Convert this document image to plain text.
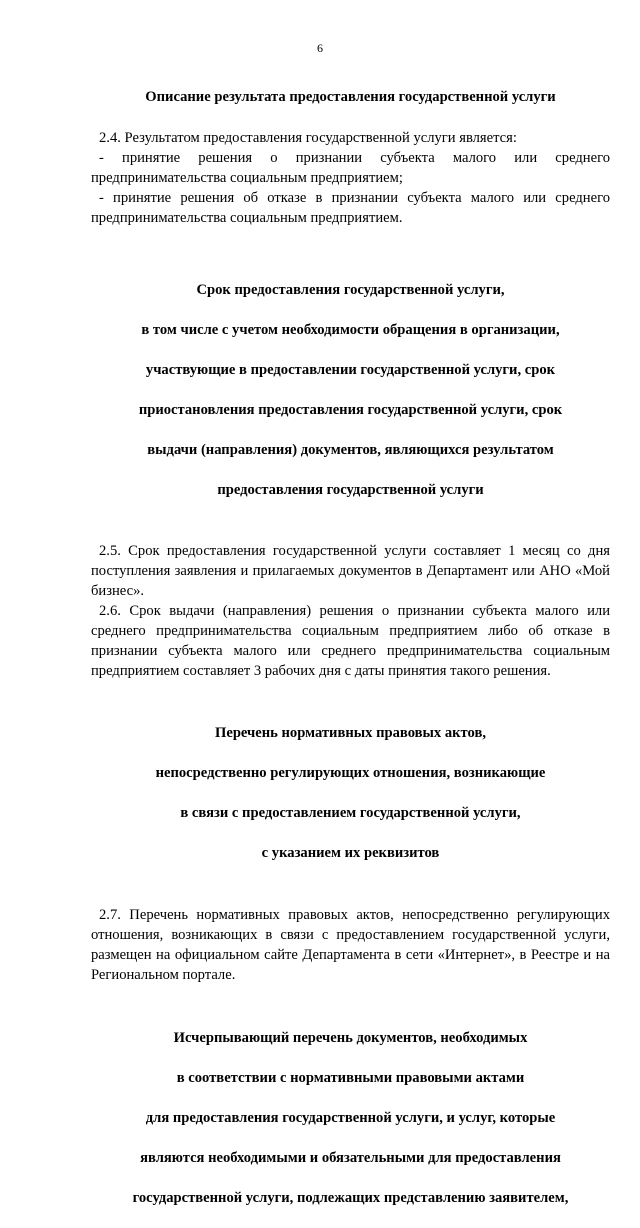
6

Описание результата предоставления государственной услуги

2.4. Результатом предоставления государственной услуги является:
- принятие решения о признании субъекта малого или среднего
предпринимательства социальным предприятием;
- принятие решения об отказе в признании субъекта малого или среднего
предпринимательства социальным предприятием.

Срок предоставления государственной услуги,

в том числе с учетом необходимости обращения в организации,

участвующие в предоставлении государственной услуги, срок

приостановления предоставления государственной услуги, срок

выдачи (направления) документов, являющихся результатом

предоставления государственной услуги

2.5. Срок предоставления государственной услуги составляет 1 месяц со дня
поступления заявления и прилагаемых документов в Департамент или АНО «Мой
бизнес».
2.6. Срок выдачи (направления) решения о признании субъекта малого или
среднего предпринимательства социальным предприятием либо об отказе в
признании субъекта малого или среднего предпринимательства социальным
предприятием составляет 3 рабочих дня с даты принятия такого решения.

Перечень нормативных правовых актов,

непосредственно регулирующих отношения, возникающие

в связи с предоставлением государственной услуги,

с указанием их реквизитов

2.7. Перечень нормативных правовых актов, непосредственно регулирующих
отношения, возникающих в связи с предоставлением государственной услуги,
размещен на официальном сайте Департамента в сети «Интернет», в Реестре и на
Региональном портале.

Исчерпывающий перечень документов, необходимых

в соответствии с нормативными правовыми актами

для предоставления государственной услуги, и услуг, которые

являются необходимыми и обязательными для предоставления

государственной услуги, подлежащих представлению заявителем,
